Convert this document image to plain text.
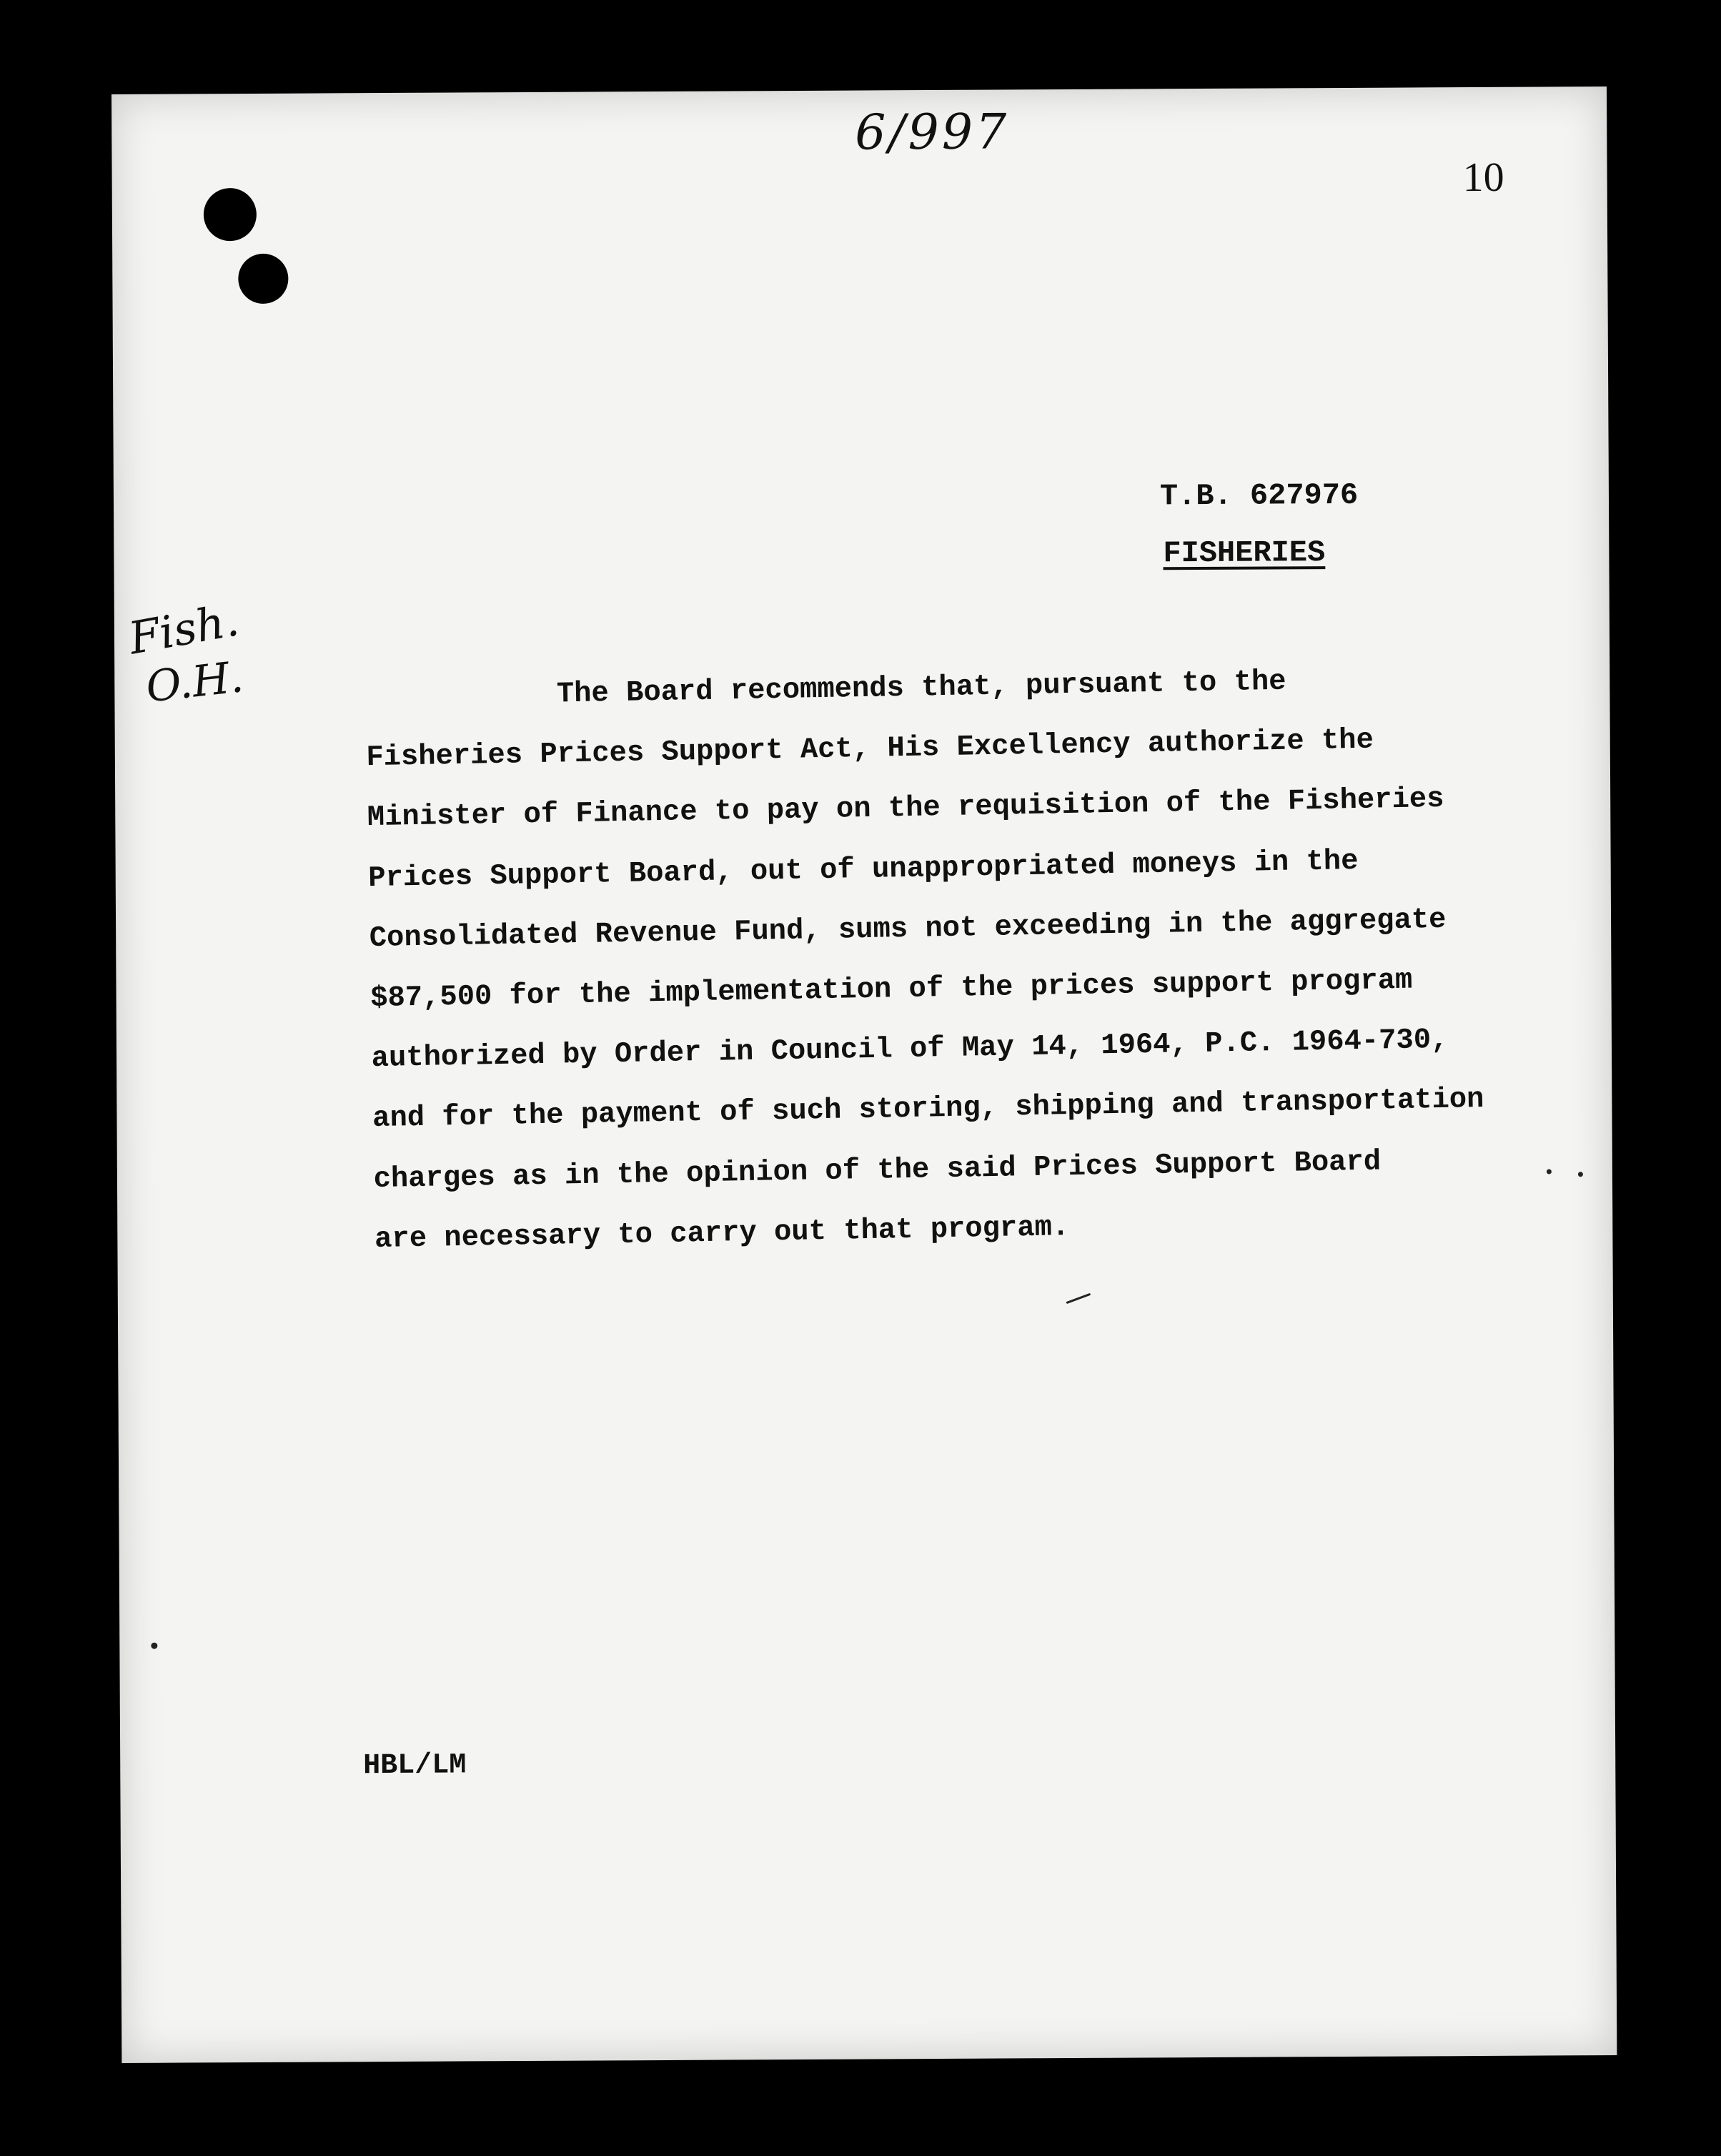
6/997
10
Fish.
O.H.
T.B. 627976
FISHERIES
The Board recommends that, pursuant to the
Fisheries Prices Support Act, His Excellency authorize the
Minister of Finance to pay on the requisition of the Fisheries
Prices Support Board, out of unappropriated moneys in the
Consolidated Revenue Fund, sums not exceeding in the aggregate
$87,500 for the implementation of the prices support program
authorized by Order in Council of May 14, 1964, P.C. 1964-730,
and for the payment of such storing, shipping and transportation
charges as in the opinion of the said Prices Support Board
are necessary to carry out that program.
HBL/LM
